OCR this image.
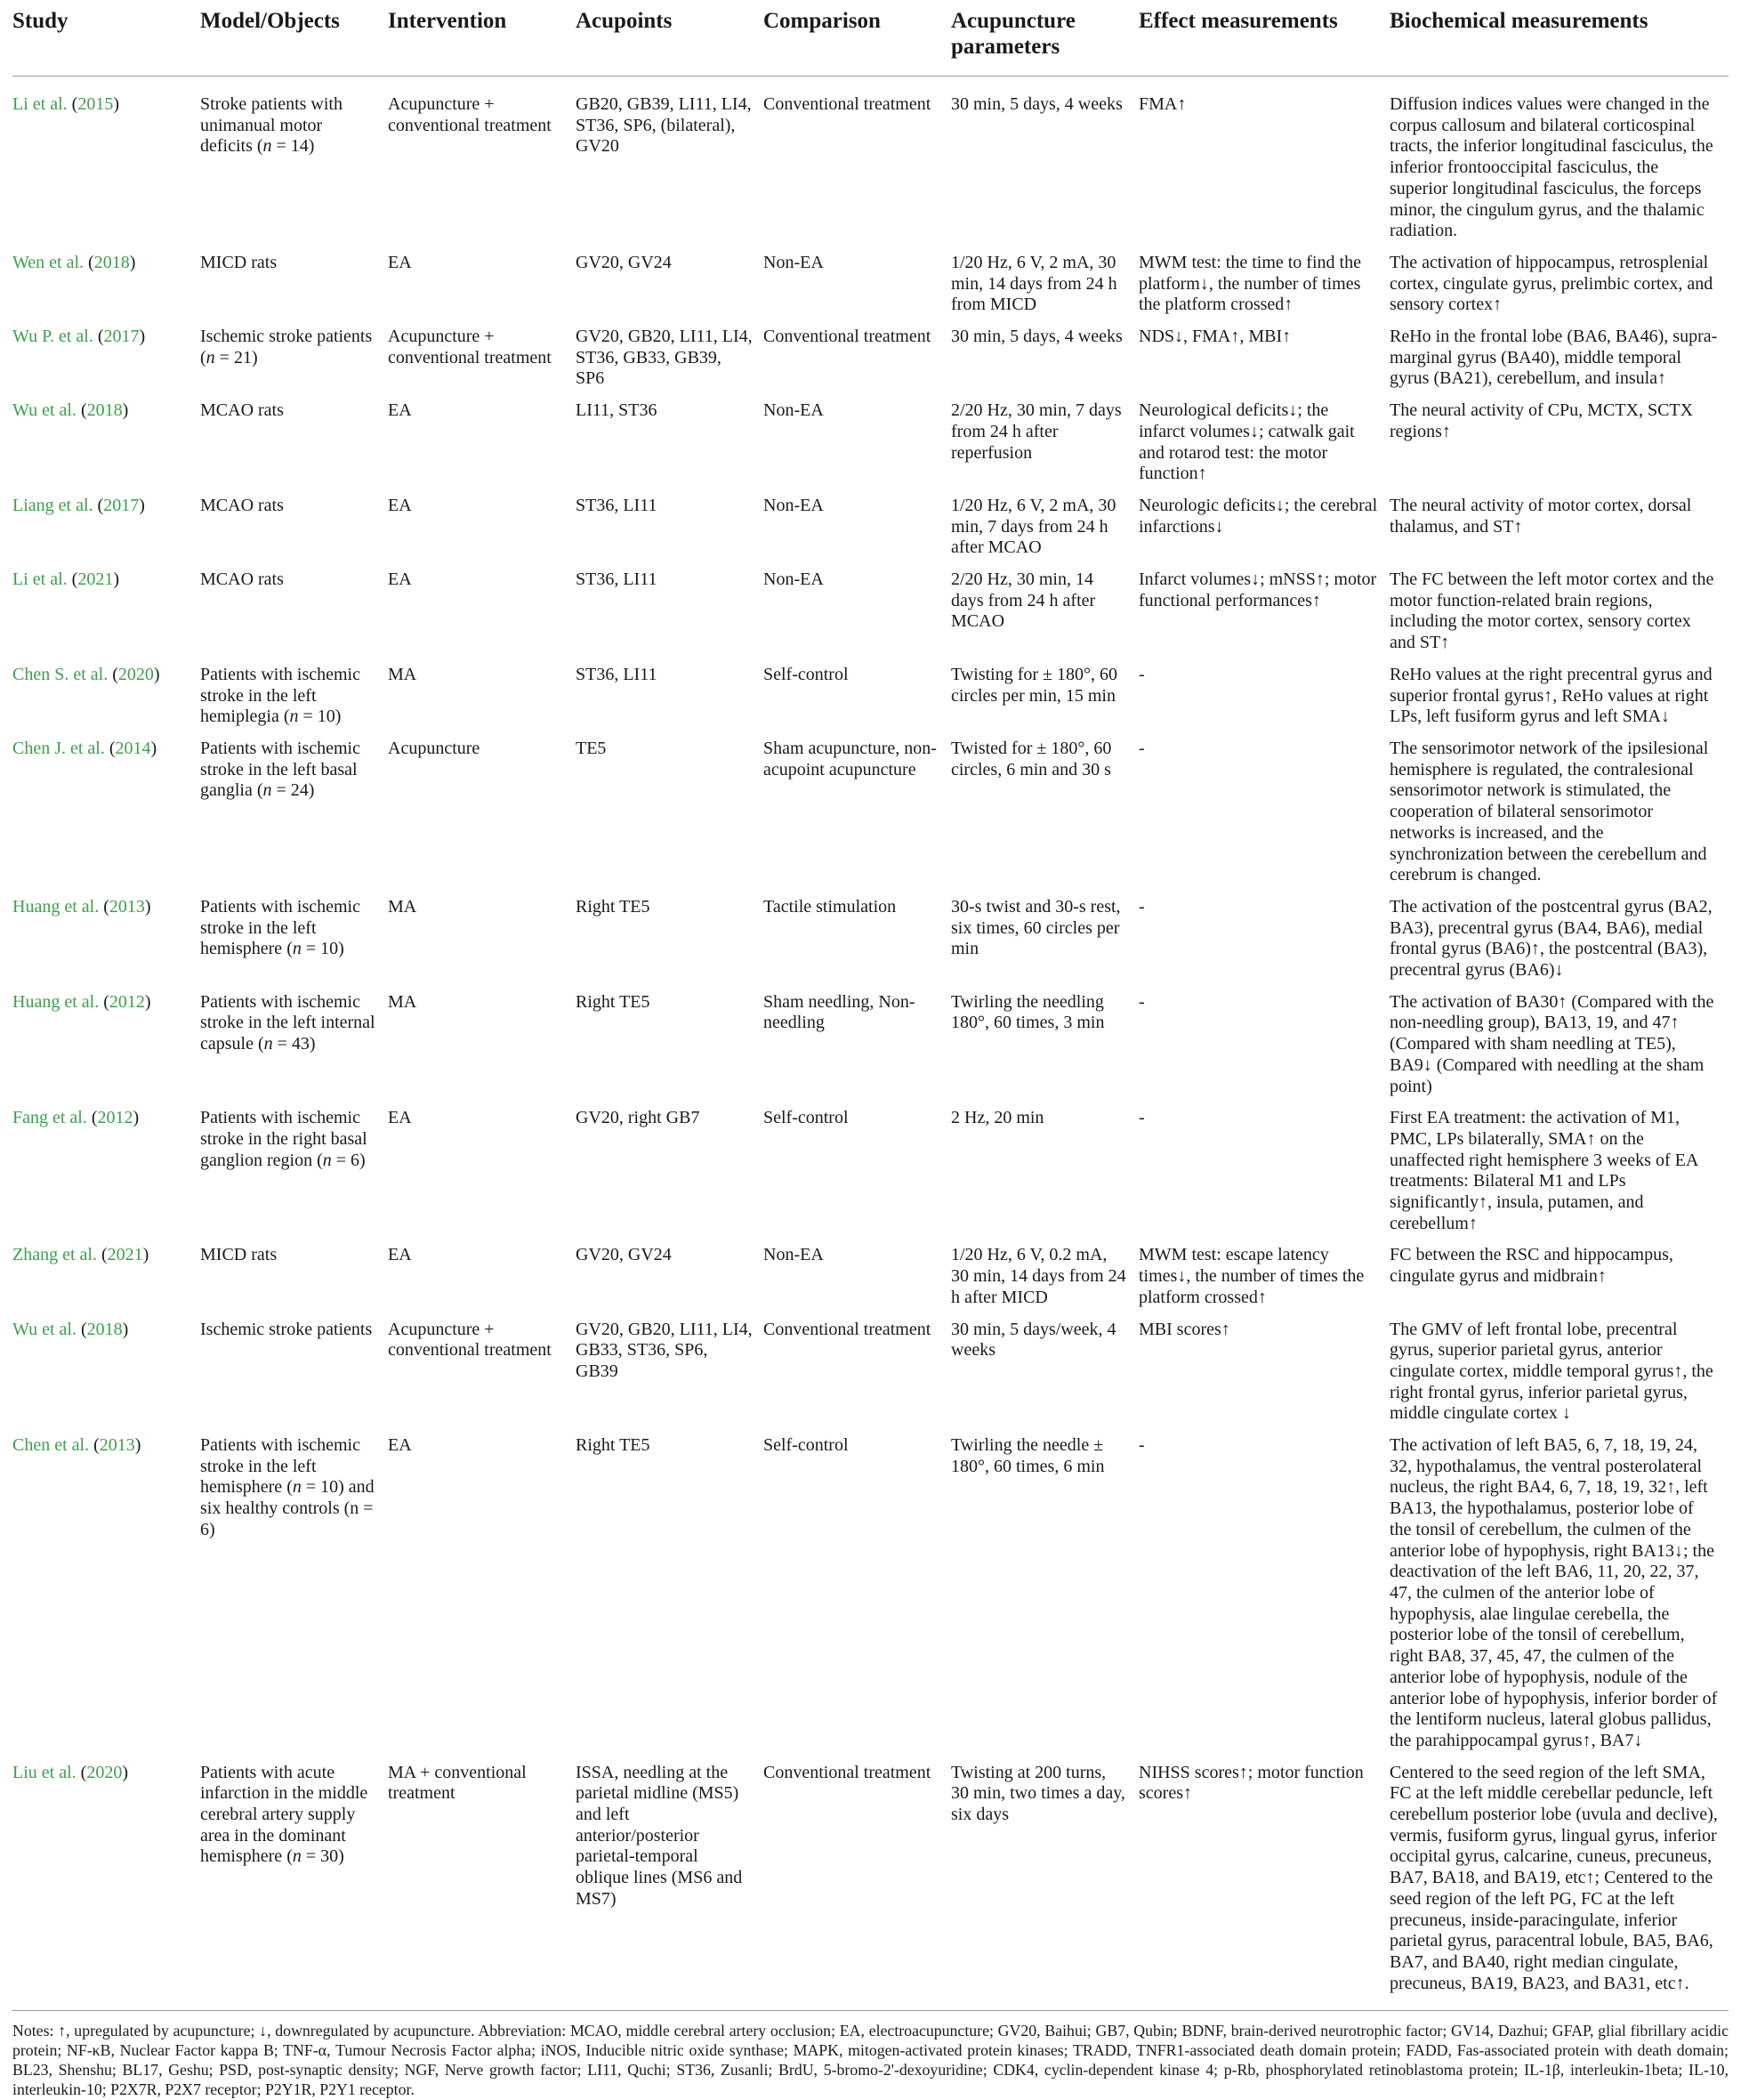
Study	Model/Objects	Intervention	Acupoints	Comparison	Acupuncture parameters	Effect measurements	Biochemical measurements
Li et al. (2015)	Stroke patients with unimanual motor deficits (n = 14)	Acupuncture + conventional treatment	GB20, GB39, LI11, LI4, ST36, SP6, (bilateral), GV20	Conventional treatment	30 min, 5 days, 4 weeks	FMA↑	Diffusion indices values were changed in the corpus callosum and bilateral corticospinal tracts, the inferior longitudinal fasciculus, the inferior frontooccipital fasciculus, the superior longitudinal fasciculus, the forceps minor, the cingulum gyrus, and the thalamic radiation.
Wen et al. (2018)	MICD rats	EA	GV20, GV24	Non-EA	1/20 Hz, 6 V, 2 mA, 30 min, 14 days from 24 h from MICD	MWM test: the time to find the platform↓, the number of times the platform crossed↑	The activation of hippocampus, retrosplenial cortex, cingulate gyrus, prelimbic cortex, and sensory cortex↑
Wu P. et al. (2017)	Ischemic stroke patients (n = 21)	Acupuncture + conventional treatment	GV20, GB20, LI11, LI4, ST36, GB33, GB39, SP6	Conventional treatment	30 min, 5 days, 4 weeks	NDS↓, FMA↑, MBI↑	ReHo in the frontal lobe (BA6, BA46), supra-marginal gyrus (BA40), middle temporal gyrus (BA21), cerebellum, and insula↑
Wu et al. (2018)	MCAO rats	EA	LI11, ST36	Non-EA	2/20 Hz, 30 min, 7 days from 24 h after reperfusion	Neurological deficits↓; the infarct volumes↓; catwalk gait and rotarod test: the motor function↑	The neural activity of CPu, MCTX, SCTX regions↑
Liang et al. (2017)	MCAO rats	EA	ST36, LI11	Non-EA	1/20 Hz, 6 V, 2 mA, 30 min, 7 days from 24 h after MCAO	Neurologic deficits↓; the cerebral infarctions↓	The neural activity of motor cortex, dorsal thalamus, and ST↑
Li et al. (2021)	MCAO rats	EA	ST36, LI11	Non-EA	2/20 Hz, 30 min, 14 days from 24 h after MCAO	Infarct volumes↓; mNSS↑; motor functional performances↑	The FC between the left motor cortex and the motor function-related brain regions, including the motor cortex, sensory cortex and ST↑
Chen S. et al. (2020)	Patients with ischemic stroke in the left hemiplegia (n = 10)	MA	ST36, LI11	Self-control	Twisting for ± 180°, 60 circles per min, 15 min	-	ReHo values at the right precentral gyrus and superior frontal gyrus↑, ReHo values at right LPs, left fusiform gyrus and left SMA↓
Chen J. et al. (2014)	Patients with ischemic stroke in the left basal ganglia (n = 24)	Acupuncture	TE5	Sham acupuncture, non-acupoint acupuncture	Twisted for ± 180°, 60 circles, 6 min and 30 s	-	The sensorimotor network of the ipsilesional hemisphere is regulated, the contralesional sensorimotor network is stimulated, the cooperation of bilateral sensorimotor networks is increased, and the synchronization between the cerebellum and cerebrum is changed.
Huang et al. (2013)	Patients with ischemic stroke in the left hemisphere (n = 10)	MA	Right TE5	Tactile stimulation	30-s twist and 30-s rest, six times, 60 circles per min	-	The activation of the postcentral gyrus (BA2, BA3), precentral gyrus (BA4, BA6), medial frontal gyrus (BA6)↑, the postcentral (BA3), precentral gyrus (BA6)↓
Huang et al. (2012)	Patients with ischemic stroke in the left internal capsule (n = 43)	MA	Right TE5	Sham needling, Non-needling	Twirling the needling 180°, 60 times, 3 min	-	The activation of BA30↑ (Compared with the non-needling group), BA13, 19, and 47↑ (Compared with sham needling at TE5), BA9↓ (Compared with needling at the sham point)
Fang et al. (2012)	Patients with ischemic stroke in the right basal ganglion region (n = 6)	EA	GV20, right GB7	Self-control	2 Hz, 20 min	-	First EA treatment: the activation of M1, PMC, LPs bilaterally, SMA↑ on the unaffected right hemisphere 3 weeks of EA treatments: Bilateral M1 and LPs significantly↑, insula, putamen, and cerebellum↑
Zhang et al. (2021)	MICD rats	EA	GV20, GV24	Non-EA	1/20 Hz, 6 V, 0.2 mA, 30 min, 14 days from 24 h after MICD	MWM test: escape latency times↓, the number of times the platform crossed↑	FC between the RSC and hippocampus, cingulate gyrus and midbrain↑
Wu et al. (2018)	Ischemic stroke patients	Acupuncture + conventional treatment	GV20, GB20, LI11, LI4, GB33, ST36, SP6, GB39	Conventional treatment	30 min, 5 days/week, 4 weeks	MBI scores↑	The GMV of left frontal lobe, precentral gyrus, superior parietal gyrus, anterior cingulate cortex, middle temporal gyrus↑, the right frontal gyrus, inferior parietal gyrus, middle cingulate cortex ↓
Chen et al. (2013)	Patients with ischemic stroke in the left hemisphere (n = 10) and six healthy controls (n = 6)	EA	Right TE5	Self-control	Twirling the needle ± 180°, 60 times, 6 min	-	The activation of left BA5, 6, 7, 18, 19, 24, 32, hypothalamus, the ventral posterolateral nucleus, the right BA4, 6, 7, 18, 19, 32↑, left BA13, the hypothalamus, posterior lobe of the tonsil of cerebellum, the culmen of the anterior lobe of hypophysis, right BA13↓; the deactivation of the left BA6, 11, 20, 22, 37, 47, the culmen of the anterior lobe of hypophysis, alae lingulae cerebella, the posterior lobe of the tonsil of cerebellum, right BA8, 37, 45, 47, the culmen of the anterior lobe of hypophysis, nodule of the anterior lobe of hypophysis, inferior border of the lentiform nucleus, lateral globus pallidus, the parahippocampal gyrus↑, BA7↓
Liu et al. (2020)	Patients with acute infarction in the middle cerebral artery supply area in the dominant hemisphere (n = 30)	MA + conventional treatment	ISSA, needling at the parietal midline (MS5) and left anterior/posterior parietal-temporal oblique lines (MS6 and MS7)	Conventional treatment	Twisting at 200 turns, 30 min, two times a day, six days	NIHSS scores↑; motor function scores↑	Centered to the seed region of the left SMA, FC at the left middle cerebellar peduncle, left cerebellum posterior lobe (uvula and declive), vermis, fusiform gyrus, lingual gyrus, inferior occipital gyrus, calcarine, cuneus, precuneus, BA7, BA18, and BA19, etc↑; Centered to the seed region of the left PG, FC at the left precuneus, inside-paracingulate, inferior parietal gyrus, paracentral lobule, BA5, BA6, BA7, and BA40, right median cingulate, precuneus, BA19, BA23, and BA31, etc↑.
Notes: ↑, upregulated by acupuncture; ↓, downregulated by acupuncture. Abbreviation: MCAO, middle cerebral artery occlusion; EA, electroacupuncture; GV20, Baihui; GB7, Qubin; BDNF, brain-derived neurotrophic factor; GV14, Dazhui; GFAP, glial fibrillary acidic protein; NF-κB, Nuclear Factor kappa B; TNF-α, Tumour Necrosis Factor alpha; iNOS, Inducible nitric oxide synthase; MAPK, mitogen-activated protein kinases; TRADD, TNFR1-associated death domain protein; FADD, Fas-associated protein with death domain; BL23, Shenshu; BL17, Geshu; PSD, post-synaptic density; NGF, Nerve growth factor; LI11, Quchi; ST36, Zusanli; BrdU, 5-bromo-2'-dexoyuridine; CDK4, cyclin-dependent kinase 4; p-Rb, phosphorylated retinoblastoma protein; IL-1β, interleukin-1beta; IL-10, interleukin-10; P2X7R, P2X7 receptor; P2Y1R, P2Y1 receptor.
